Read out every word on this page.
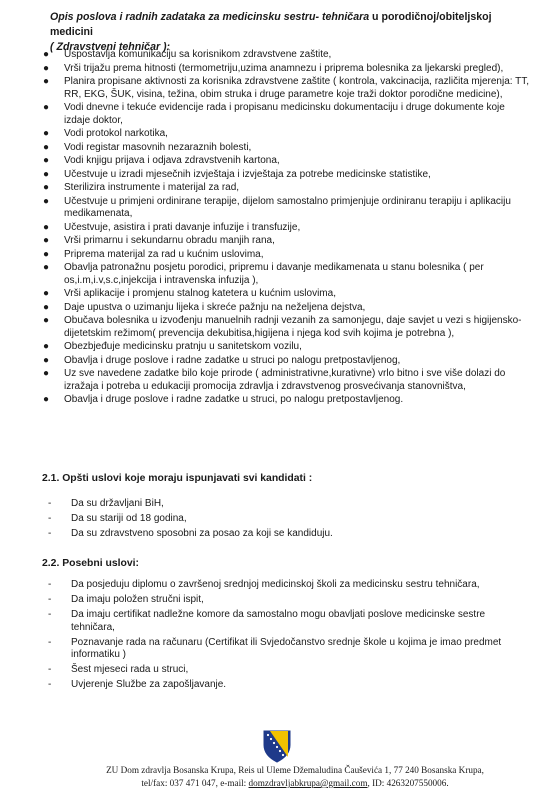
Opis poslova i radnih zadataka za medicinsku sestru- tehničara u porodičnoj/obiteljskoj medicini
( Zdravstveni tehničar ):

● Uspostavlja komunikaciju sa korisnikom zdravstvene zaštite,
● Vrši trijažu prema hitnosti (termometriju,uzima anamnezu i priprema bolesnika za ljekarski pregled),
● Planira propisane aktivnosti za korisnika zdravstvene zaštite ( kontrola, vakcinacija, različita mjerenja: TT, RR, EKG, ŠUK, visina, težina, obim struka i druge parametre koje traži doktor porodične medicine),
● Vodi dnevne i tekuće evidencije rada i propisanu medicinsku dokumentaciju i druge dokumente koje izdaje doktor,
● Vodi protokol narkotika,
● Vodi registar masovnih nezaraznih bolesti,
● Vodi knjigu prijava i odjava zdravstvenih kartona,
● Učestvuje u izradi mjesečnih izvještaja i izvještaja za potrebe medicinske statistike,
● Sterilizira instrumente i materijal za rad,
● Učestvuje u primjeni ordinirane terapije, dijelom samostalno primjenjuje ordiniranu terapiju i aplikaciju medikamenata,
● Učestvuje, asistira i prati davanje infuzije i transfuzije,
● Vrši primarnu i sekundarnu obradu manjih rana,
● Priprema materijal za rad u kućnim uslovima,
● Obavlja patronažnu posjetu porodici, pripremu i davanje medikamenata u stanu bolesnika ( per os,i.m,i.v,s.c,injekcija i intravenska infuzija ),
● Vrši aplikacije i promjenu stalnog katetera u kućnim uslovima,
● Daje upustva o uzimanju lijeka i skreće pažnju na neželjena dejstva,
● Obučava bolesnika u izvođenju manuelnih radnji vezanih za samonjegu, daje savjet u vezi s higijensko-dijetetskim režimom( prevencija dekubitisa,higijena i njega kod svih kojima je potrebna ),
● Obezbjeđuje medicinsku pratnju u sanitetskom vozilu,
● Obavlja i druge poslove i radne zadatke u struci po nalogu pretpostavljenog,
● Uz sve navedene zadatke bilo koje prirode ( administrativne,kurativne) vrlo bitno i sve više dolazi do izražaja i potreba u edukaciji promocija zdravlja i zdravstvenog prosvećivanja stanovništva,
● Obavlja i druge poslove i radne zadatke u struci, po nalogu pretpostavljenog.

2.1. Opšti uslovi koje moraju ispunjavati svi kandidati :

- Da su državljani BiH,
- Da su stariji od 18 godina,
- Da su zdravstveno sposobni za posao za koji se kandiduju.

2.2. Posebni uslovi:

- Da posjeduju diplomu o završenoj srednjoj medicinskoj školi za medicinsku sestru tehničara,
- Da imaju položen stručni ispit,
- Da imaju certifikat nadležne komore da samostalno mogu obavljati poslove medicinske sestre tehničara,
- Poznavanje rada na računaru (Certifikat ili Svjedočanstvo srednje škole u kojima je imao predmet informatiku )
- Šest mjeseci rada u struci,
- Uvjerenje Službe za zapošljavanje.

ZU Dom zdravlja Bosanska Krupa, Reis ul Uleme Džemaludina Čauševića 1, 77 240 Bosanska Krupa,
tel/fax: 037 471 047, e-mail: domzdravljabkrupa@gmail.com, ID: 4263207550006.
